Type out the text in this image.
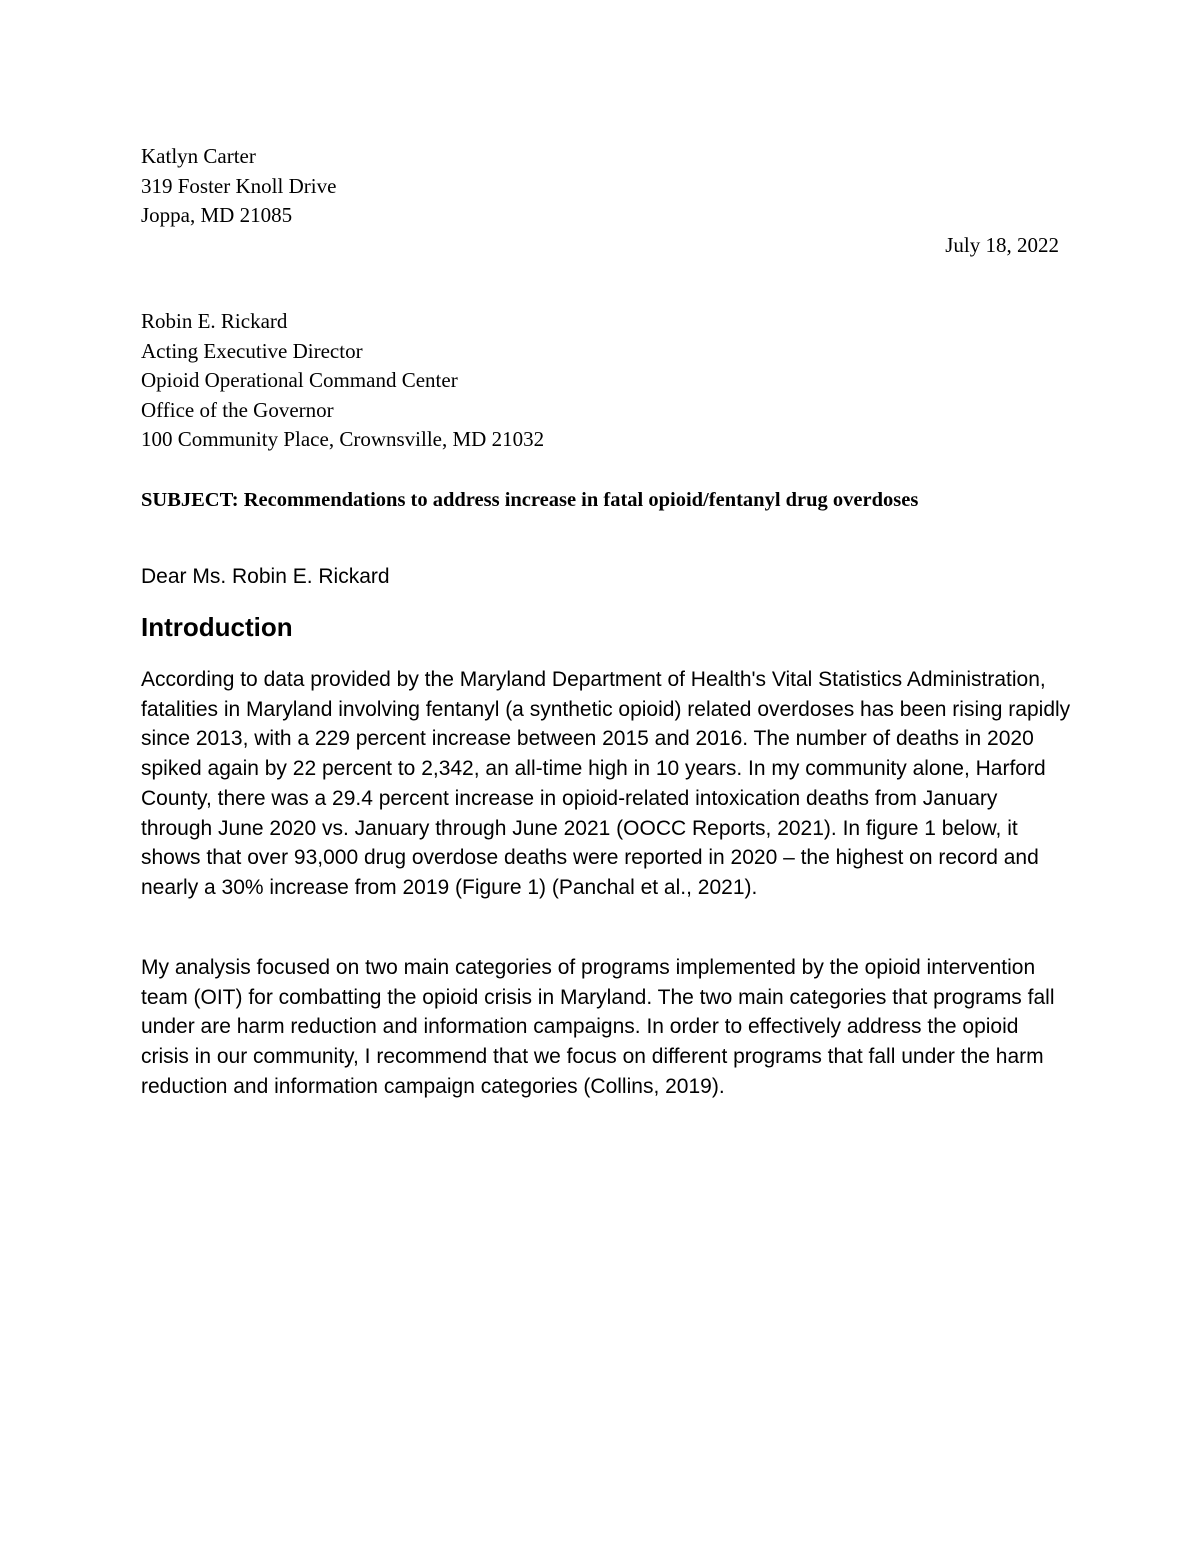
Katlyn Carter
319 Foster Knoll Drive
Joppa, MD 21085
July 18, 2022
Robin E. Rickard
Acting Executive Director
Opioid Operational Command Center
Office of the Governor
100 Community Place, Crownsville, MD 21032
SUBJECT: Recommendations to address increase in fatal opioid/fentanyl drug overdoses
Dear Ms. Robin E. Rickard
Introduction

According to data provided by the Maryland Department of Health's Vital Statistics Administration, fatalities in Maryland involving fentanyl (a synthetic opioid) related overdoses has been rising rapidly since 2013, with a 229 percent increase between 2015 and 2016. The number of deaths in 2020 spiked again by 22 percent to 2,342, an all-time high in 10 years. In my community alone, Harford County, there was a 29.4 percent increase in opioid-related intoxication deaths from January through June 2020 vs. January through June 2021 (OOCC Reports, 2021). In figure 1 below, it shows that over 93,000 drug overdose deaths were reported in 2020 – the highest on record and nearly a 30% increase from 2019 (Figure 1) (Panchal et al., 2021).

My analysis focused on two main categories of programs implemented by the opioid intervention team (OIT) for combatting the opioid crisis in Maryland. The two main categories that programs fall under are harm reduction and information campaigns. In order to effectively address the opioid crisis in our community, I recommend that we focus on different programs that fall under the harm reduction and information campaign categories (Collins, 2019).
